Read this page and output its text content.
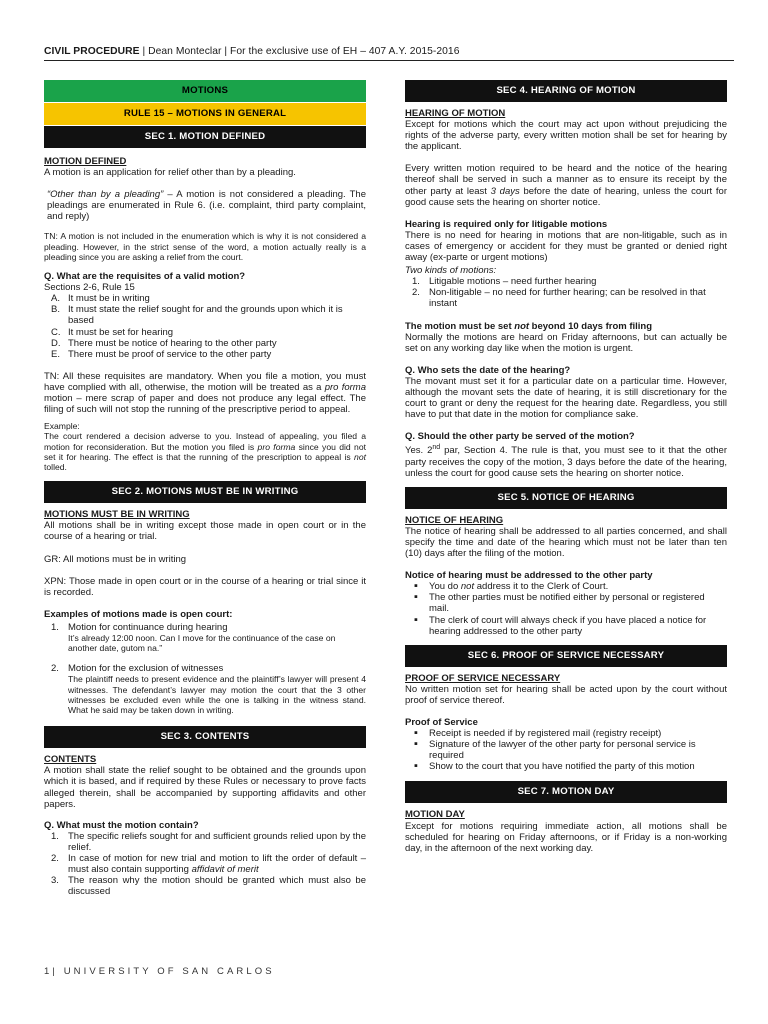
CIVIL PROCEDURE | Dean Monteclar | For the exclusive use of EH – 407 A.Y. 2015-2016
MOTIONS
RULE 15 – MOTIONS IN GENERAL
SEC 1. MOTION DEFINED
MOTION DEFINED
A motion is an application for relief other than by a pleading.
“Other than by a pleading” – A motion is not considered a pleading. The pleadings are enumerated in Rule 6. (i.e. complaint, third party complaint, and reply)
TN: A motion is not included in the enumeration which is why it is not considered a pleading. However, in the strict sense of the word, a motion actually really is a pleading since you are asking a relief from the court.
Q. What are the requisites of a valid motion?
Sections 2-6, Rule 15
A. It must be in writing
B. It must state the relief sought for and the grounds upon which it is based
C. It must be set for hearing
D. There must be notice of hearing to the other party
E. There must be proof of service to the other party
TN: All these requisites are mandatory. When you file a motion, you must have complied with all, otherwise, the motion will be treated as a pro forma motion – mere scrap of paper and does not produce any legal effect. The filing of such will not stop the running of the prescriptive period to appeal.
Example:
The court rendered a decision adverse to you. Instead of appealing, you filed a motion for reconsideration. But the motion you filed is pro forma since you did not set it for hearing. The effect is that the running of the prescription to appeal is not tolled.
SEC 2. MOTIONS MUST BE IN WRITING
MOTIONS MUST BE IN WRITING
All motions shall be in writing except those made in open court or in the course of a hearing or trial.
GR: All motions must be in writing
XPN: Those made in open court or in the course of a hearing or trial since it is recorded.
Examples of motions made is open court:
1. Motion for continuance during hearing

It’s already 12:00 noon. Can I move for the continuance of the case on another date, gutom na.”
2. Motion for the exclusion of witnesses

The plaintiff needs to present evidence and the plaintiff’s lawyer will present 4 witnesses. The defendant’s lawyer may motion the court that the 3 other witnesses be excluded even while the one is talking in the witness stand. What he said may be taken down in writing.
SEC 3. CONTENTS
CONTENTS
A motion shall state the relief sought to be obtained and the grounds upon which it is based, and if required by these Rules or necessary to prove facts alleged therein, shall be accompanied by supporting affidavits and other papers.
Q. What must the motion contain?
1. The specific reliefs sought for and sufficient grounds relied upon by the relief.
2. In case of motion for new trial and motion to lift the order of default – must also contain supporting affidavit of merit
3. The reason why the motion should be granted which must also be discussed
SEC 4. HEARING OF MOTION
HEARING OF MOTION
Except for motions which the court may act upon without prejudicing the rights of the adverse party, every written motion shall be set for hearing by the applicant.
Every written motion required to be heard and the notice of the hearing thereof shall be served in such a manner as to ensure its receipt by the other party at least 3 days before the date of hearing, unless the court for good cause sets the hearing on shorter notice.
Hearing is required only for litigable motions
There is no need for hearing in motions that are non-litigable, such as in cases of emergency or accident for they must be granted or denied right away (ex-parte or urgent motions)
Two kinds of motions:
1. Litigable motions – need further hearing
2. Non-litigable – no need for further hearing; can be resolved in that instant
The motion must be set not beyond 10 days from filing
Normally the motions are heard on Friday afternoons, but can actually be set on any working day like when the motion is urgent.
Q. Who sets the date of the hearing?
The movant must set it for a particular date on a particular time. However, although the movant sets the date of hearing, it is still discretionary for the court to grant or deny the request for the hearing date. Regardless, you still have to put that date in the motion for compliance sake.
Q. Should the other party be served of the motion?
Yes. 2nd par, Section 4. The rule is that, you must see to it that the other party receives the copy of the motion, 3 days before the date of the hearing, unless the court for good cause sets the hearing on shorter notice.
SEC 5. NOTICE OF HEARING
NOTICE OF HEARING
The notice of hearing shall be addressed to all parties concerned, and shall specify the time and date of the hearing which must not be later than ten (10) days after the filing of the motion.
Notice of hearing must be addressed to the other party
▪	You do not address it to the Clerk of Court.
▪	The other parties must be notified either by personal or registered mail.
▪	The clerk of court will always check if you have placed a notice for hearing addressed to the other party
SEC 6. PROOF OF SERVICE NECESSARY
PROOF OF SERVICE NECESSARY
No written motion set for hearing shall be acted upon by the court without proof of service thereof.
Proof of Service
▪	Receipt is needed if by registered mail (registry receipt)
▪	Signature of the lawyer of the other party for personal service is required
▪	Show to the court that you have notified the party of this motion
SEC 7. MOTION DAY
MOTION DAY
Except for motions requiring immediate action, all motions shall be scheduled for hearing on Friday afternoons, or if Friday is a non-working day, in the afternoon of the next working day.
1| UNIVERSITY OF SAN CARLOS
